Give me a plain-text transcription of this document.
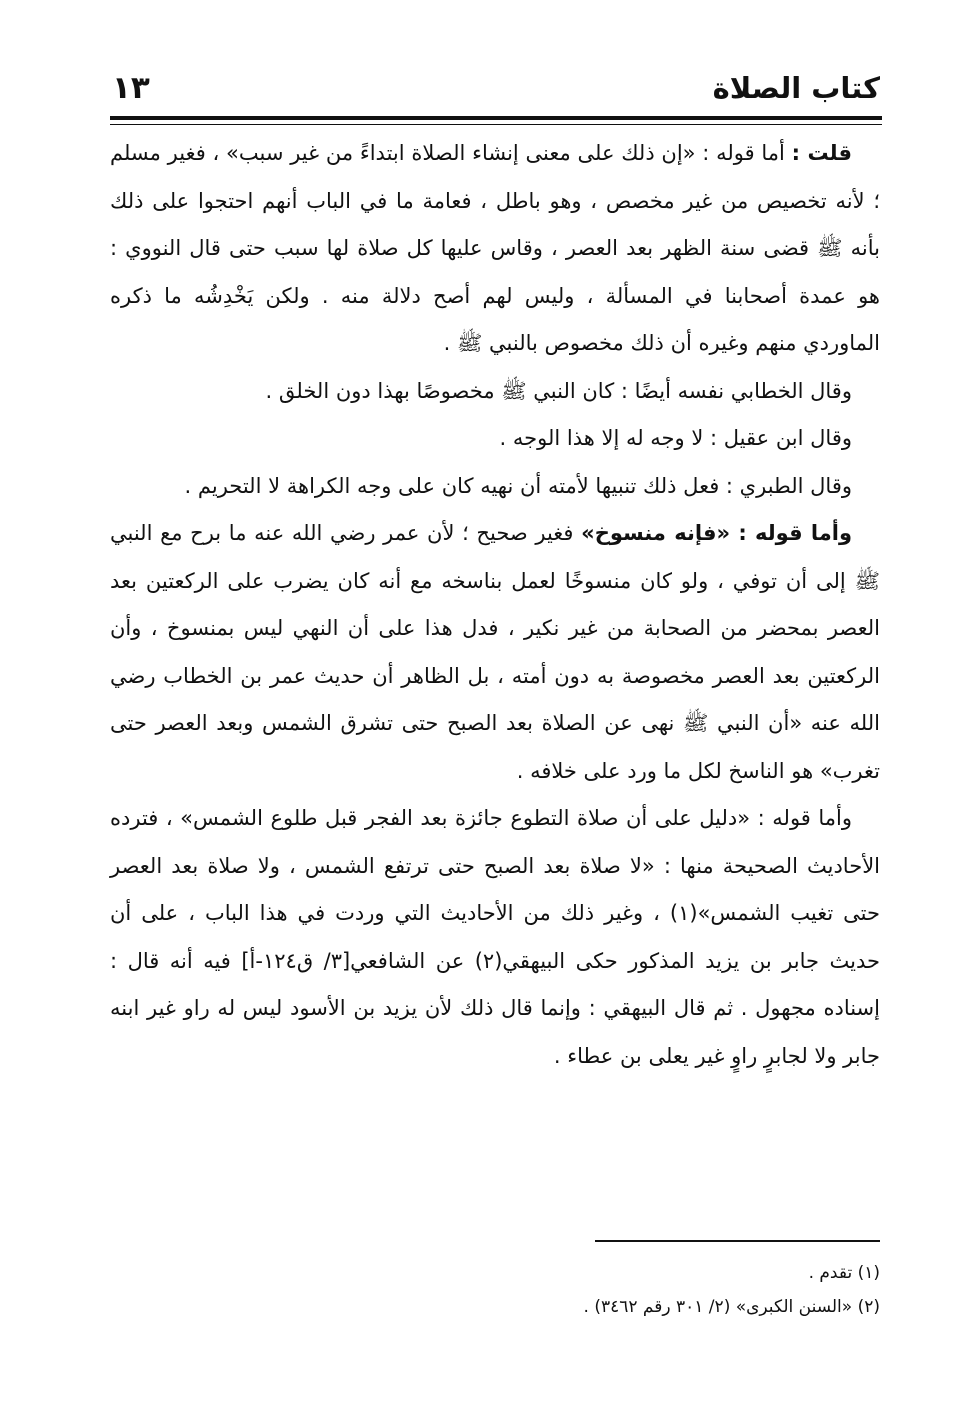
كتاب الصلاة
١٣

قلت : أما قوله : «إن ذلك على معنى إنشاء الصلاة ابتداءً من غير سبب» ، فغير مسلم ؛ لأنه تخصيص من غير مخصص ، وهو باطل ، فعامة ما في الباب أنهم احتجوا على ذلك بأنه ﷺ قضى سنة الظهر بعد العصر ، وقاس عليها كل صلاة لها سبب حتى قال النووي : هو عمدة أصحابنا في المسألة ، وليس لهم أصح دلالة منه . ولكن يَخْدِشُه ما ذكره الماوردي منهم وغيره أن ذلك مخصوص بالنبي ﷺ .

وقال الخطابي نفسه أيضًا : كان النبي ﷺ مخصوصًا بهذا دون الخلق .

وقال ابن عقيل : لا وجه له إلا هذا الوجه .

وقال الطبري : فعل ذلك تنبيها لأمته أن نهيه كان على وجه الكراهة لا التحريم .

وأما قوله : «فإنه منسوخ» فغير صحيح ؛ لأن عمر رضي الله عنه ما برح مع النبي ﷺ إلى أن توفي ، ولو كان منسوخًا لعمل بناسخه مع أنه كان يضرب على الركعتين بعد العصر بمحضر من الصحابة من غير نكير ، فدل هذا على أن النهي ليس بمنسوخ ، وأن الركعتين بعد العصر مخصوصة به دون أمته ، بل الظاهر أن حديث عمر بن الخطاب رضي الله عنه «أن النبي ﷺ نهى عن الصلاة بعد الصبح حتى تشرق الشمس وبعد العصر حتى تغرب» هو الناسخ لكل ما ورد على خلافه .

وأما قوله : «دليل على أن صلاة التطوع جائزة بعد الفجر قبل طلوع الشمس» ، فترده الأحاديث الصحيحة منها : «لا صلاة بعد الصبح حتى ترتفع الشمس ، ولا صلاة بعد العصر حتى تغيب الشمس»(١) ، وغير ذلك من الأحاديث التي وردت في هذا الباب ، على أن حديث جابر بن يزيد المذكور حكى البيهقي(٢) عن الشافعي[٣/ ق١٢٤-أ] فيه أنه قال : إسناده مجهول . ثم قال البيهقي : وإنما قال ذلك لأن يزيد بن الأسود ليس له راو غير ابنه جابر ولا لجابرٍ راوٍ غير يعلى بن عطاء .

(١) تقدم .

(٢) «السنن الكبرى» (٢/ ٣٠١ رقم ٣٤٦٢) .
